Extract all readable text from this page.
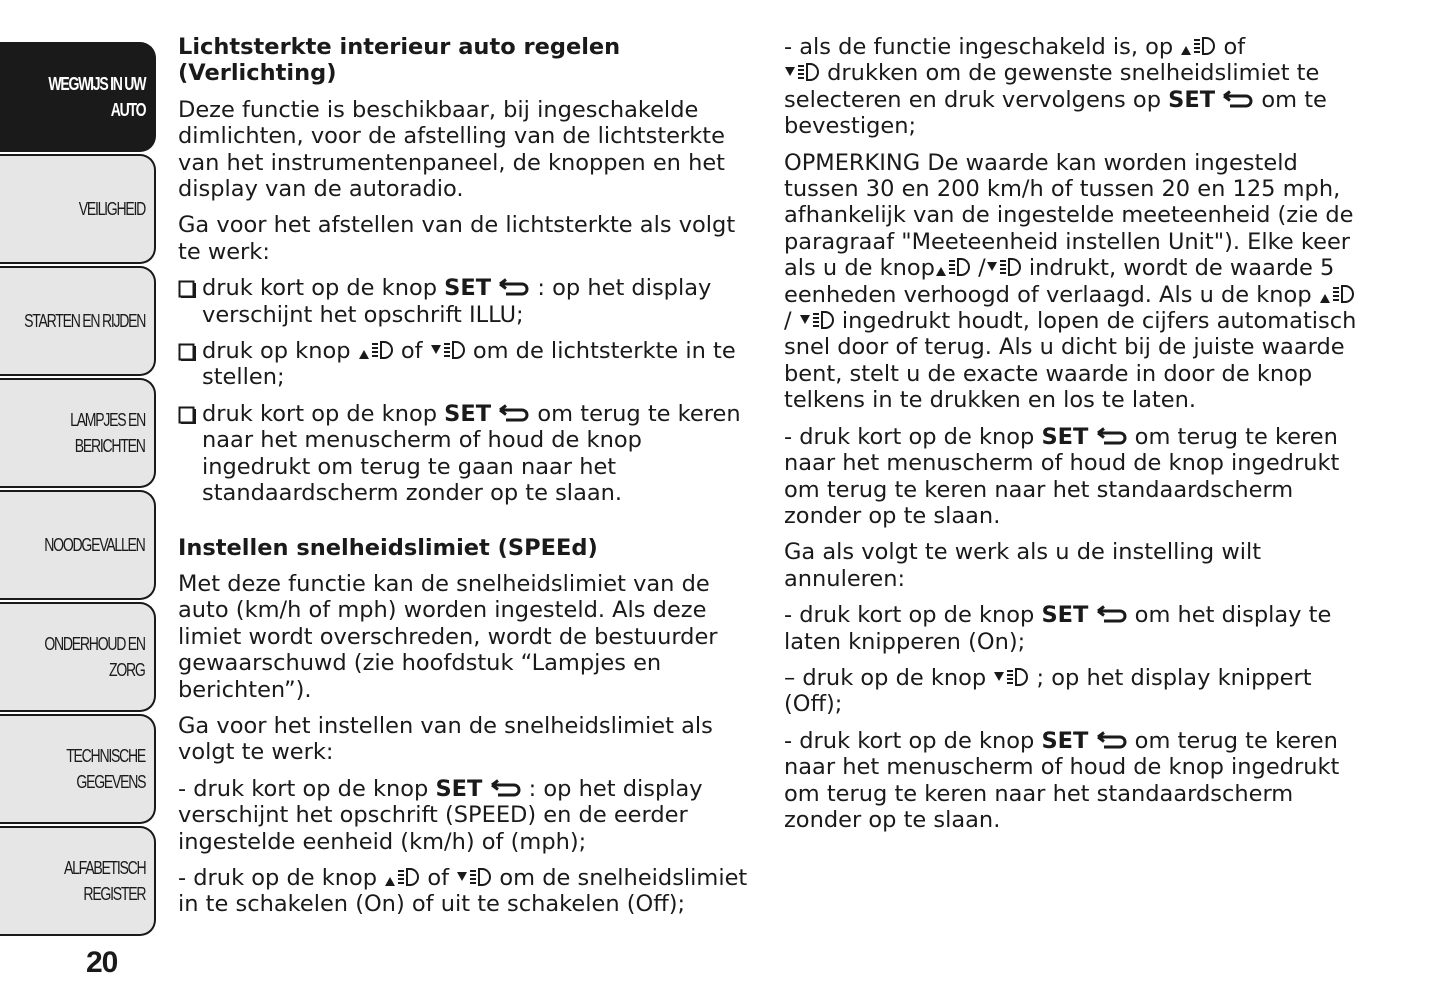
WEGWIJS IN UW
AUTO
VEILIGHEID
STARTEN EN RIJDEN
LAMPJES EN
BERICHTEN
NOODGEVALLEN
ONDERHOUD EN
ZORG
TECHNISCHE
GEGEVENS
ALFABETISCH
REGISTER
20
Lichtsterkte interieur auto regelen
(Verlichting)

Deze functie is beschikbaar, bij ingeschakelde dimlichten, voor de afstelling van de lichtsterkte van het instrumentenpaneel, de knoppen en het display van de autoradio.

Ga voor het afstellen van de lichtsterkte als volgt te werk:

druk kort op de knop SET  : op het display verschijnt het opschrift ILLU;
druk op knop  of  om de lichtsterkte in te stellen;
druk kort op de knop SET  om terug te keren naar het menuscherm of houd de knop ingedrukt om terug te gaan naar het standaardscherm zonder op te slaan.
Instellen snelheidslimiet (SPEEd)

Met deze functie kan de snelheidslimiet van de auto (km/h of mph) worden ingesteld. Als deze limiet wordt overschreden, wordt de bestuurder gewaarschuwd (zie hoofdstuk “Lampjes en berichten”).

Ga voor het instellen van de snelheidslimiet als volgt te werk:

- druk kort op de knop SET  : op het display verschijnt het opschrift (SPEED) en de eerder ingestelde eenheid (km/h) of (mph);

- druk op de knop  of  om de snelheidslimiet in te schakelen (On) of uit te schakelen (Off);

- als de functie ingeschakeld is, op  of
drukken om de gewenste snelheidslimiet te selecteren en druk vervolgens op SET  om te bevestigen;

OPMERKING De waarde kan worden ingesteld tussen 30 en 200 km/h of tussen 20 en 125 mph, afhankelijk van de ingestelde meeteenheid (zie de paragraaf "Meeteenheid instellen Unit"). Elke keer als u de knop / indrukt, wordt de waarde 5 eenheden verhoogd of verlaagd. Als u de knop  /  ingedrukt houdt, lopen de cijfers automatisch snel door of terug. Als u dicht bij de juiste waarde bent, stelt u de exacte waarde in door de knop telkens in te drukken en los te laten.

- druk kort op de knop SET  om terug te keren naar het menuscherm of houd de knop ingedrukt om terug te keren naar het standaardscherm zonder op te slaan.

Ga als volgt te werk als u de instelling wilt annuleren:

- druk kort op de knop SET  om het display te laten knipperen (On);

– druk op de knop  ; op het display knippert (Off);

- druk kort op de knop SET  om terug te keren naar het menuscherm of houd de knop ingedrukt om terug te keren naar het standaardscherm zonder op te slaan.
